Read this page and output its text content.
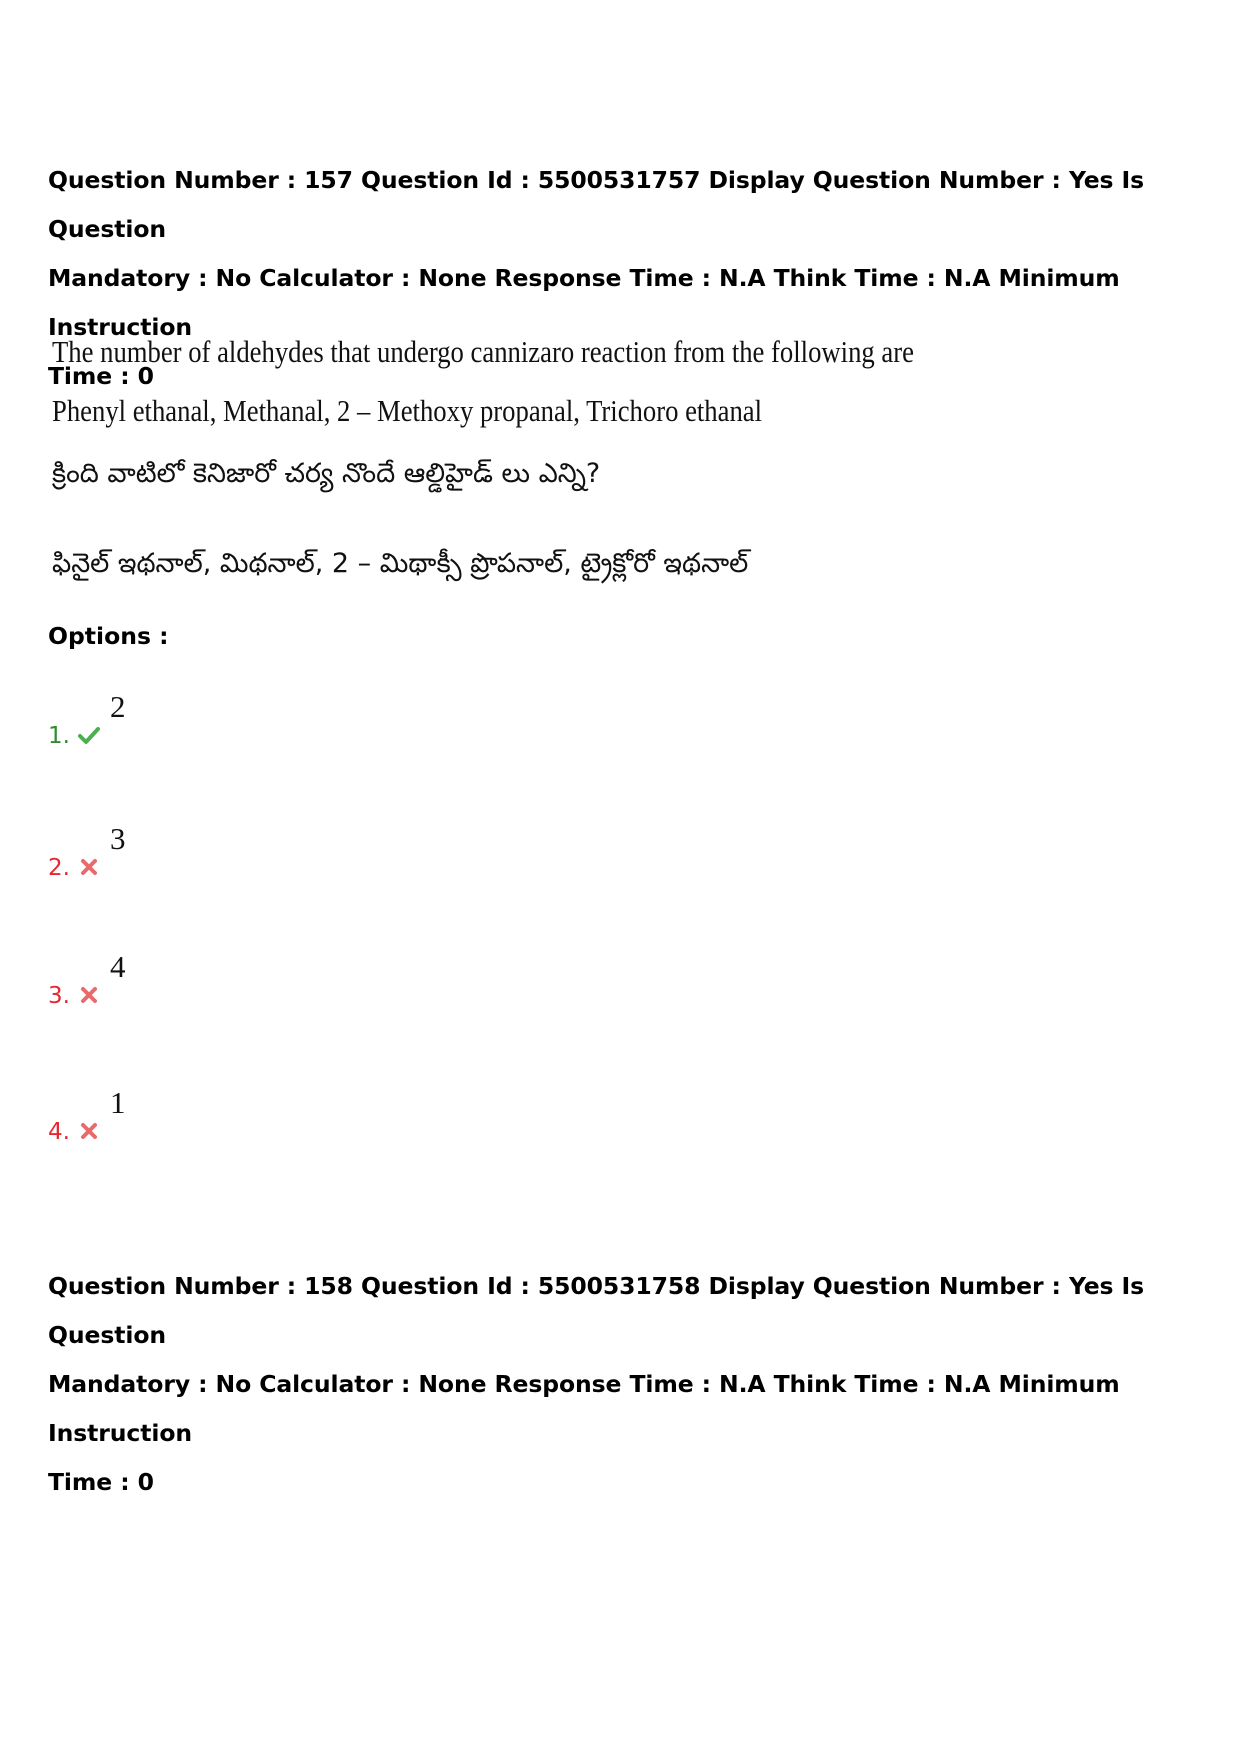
Question Number : 157 Question Id : 5500531757 Display Question Number : Yes Is Question
Mandatory : No Calculator : None Response Time : N.A Think Time : N.A Minimum Instruction
Time : 0
The number of aldehydes that undergo cannizaro reaction from the following are
Phenyl ethanal, Methanal, 2 – Methoxy propanal, Trichoro ethanal
క్రింది వాటిలో కెనిజారో చర్య నొందే ఆల్డిహైడ్ లు ఎన్ని?
ఫినైల్ ఇథనాల్, మిథనాల్, 2 – మిథాక్సీ ప్రొపనాల్, ట్రైక్లోరో ఇథనాల్
Options :
1.
2
2.
3
3.
4
4.
1
Question Number : 158 Question Id : 5500531758 Display Question Number : Yes Is Question
Mandatory : No Calculator : None Response Time : N.A Think Time : N.A Minimum Instruction
Time : 0
